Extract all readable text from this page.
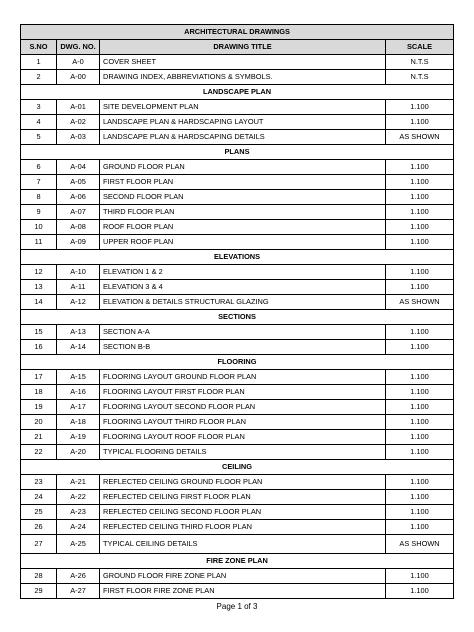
ARCHITECTURAL DRAWINGS			
S.NO	DWG. NO.	DRAWING TITLE	SCALE
1	A-0	COVER SHEET	N.T.S
2	A-00	DRAWING INDEX, ABBREVIATIONS & SYMBOLS.	N.T.S
LANDSCAPE PLAN			
3	A-01	SITE DEVELOPMENT PLAN	1.100
4	A-02	LANDSCAPE PLAN & HARDSCAPING LAYOUT	1.100
5	A-03	LANDSCAPE PLAN & HARDSCAPING DETAILS	AS SHOWN
PLANS			
6	A-04	GROUND FLOOR PLAN	1.100
7	A-05	FIRST FLOOR PLAN	1.100
8	A-06	SECOND FLOOR PLAN	1.100
9	A-07	THIRD FLOOR PLAN	1.100
10	A-08	ROOF FLOOR PLAN	1.100
11	A-09	UPPER ROOF PLAN	1.100
ELEVATIONS			
12	A-10	ELEVATION 1 & 2	1.100
13	A-11	ELEVATION 3 & 4	1.100
14	A-12	ELEVATION & DETAILS STRUCTURAL GLAZING	AS SHOWN
SECTIONS			
15	A-13	SECTION A-A	1.100
16	A-14	SECTION B-B	1.100
FLOORING			
17	A-15	FLOORING LAYOUT GROUND FLOOR PLAN	1.100
18	A-16	FLOORING LAYOUT FIRST FLOOR PLAN	1.100
19	A-17	FLOORING LAYOUT SECOND FLOOR PLAN	1.100
20	A-18	FLOORING LAYOUT THIRD FLOOR PLAN	1.100
21	A-19	FLOORING LAYOUT ROOF FLOOR PLAN	1.100
22	A-20	TYPICAL FLOORING DETAILS	1.100
CEILING			
23	A-21	REFLECTED CEILING GROUND FLOOR PLAN	1.100
24	A-22	REFLECTED CEILING FIRST FLOOR PLAN	1.100
25	A-23	REFLECTED CEILING SECOND FLOOR PLAN	1.100
26	A-24	REFLECTED CEILING THIRD FLOOR PLAN	1.100
27	A-25	TYPICAL CEILING DETAILS	AS SHOWN
FIRE ZONE PLAN			
28	A-26	GROUND FLOOR FIRE ZONE PLAN	1.100
29	A-27	FIRST FLOOR FIRE ZONE PLAN	1.100
Page 1 of 3
